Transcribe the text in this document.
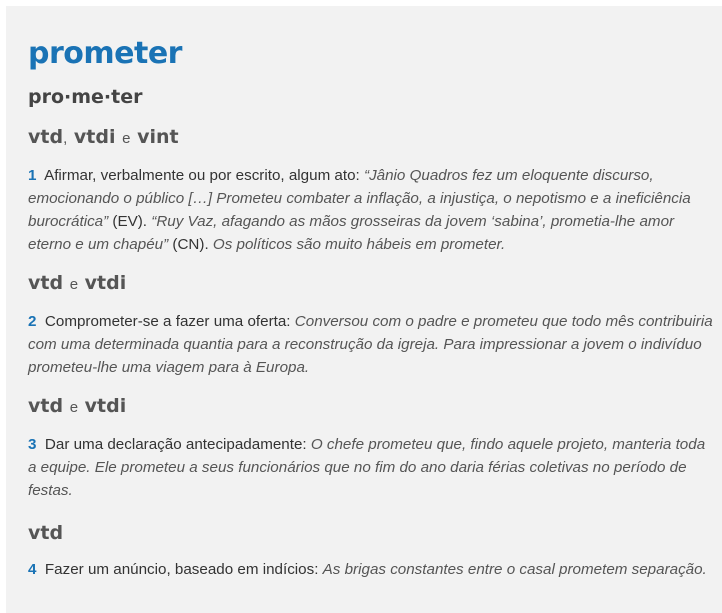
prometer
pro·me·ter
vtd, vtdi e vint

1 Afirmar, verbalmente ou por escrito, algum ato: “Jânio Quadros fez um eloquente discurso, emocionando o público […] Prometeu combater a inflação, a injustiça, o nepotismo e a ineficiência burocrática” (EV). “Ruy Vaz, afagando as mãos grosseiras da jovem ‘sabina’, prometia-lhe amor eterno e um chapéu” (CN). Os políticos são muito hábeis em prometer.

vtd e vtdi

2 Comprometer-se a fazer uma oferta: Conversou com o padre e prometeu que todo mês contribuiria com uma determinada quantia para a reconstrução da igreja. Para impressionar a jovem o indivíduo prometeu-lhe uma viagem para à Europa.

vtd e vtdi

3 Dar uma declaração antecipadamente: O chefe prometeu que, findo aquele projeto, manteria toda a equipe. Ele prometeu a seus funcionários que no fim do ano daria férias coletivas no período de festas.

vtd

4 Fazer um anúncio, baseado em indícios: As brigas constantes entre o casal prometem separação.
